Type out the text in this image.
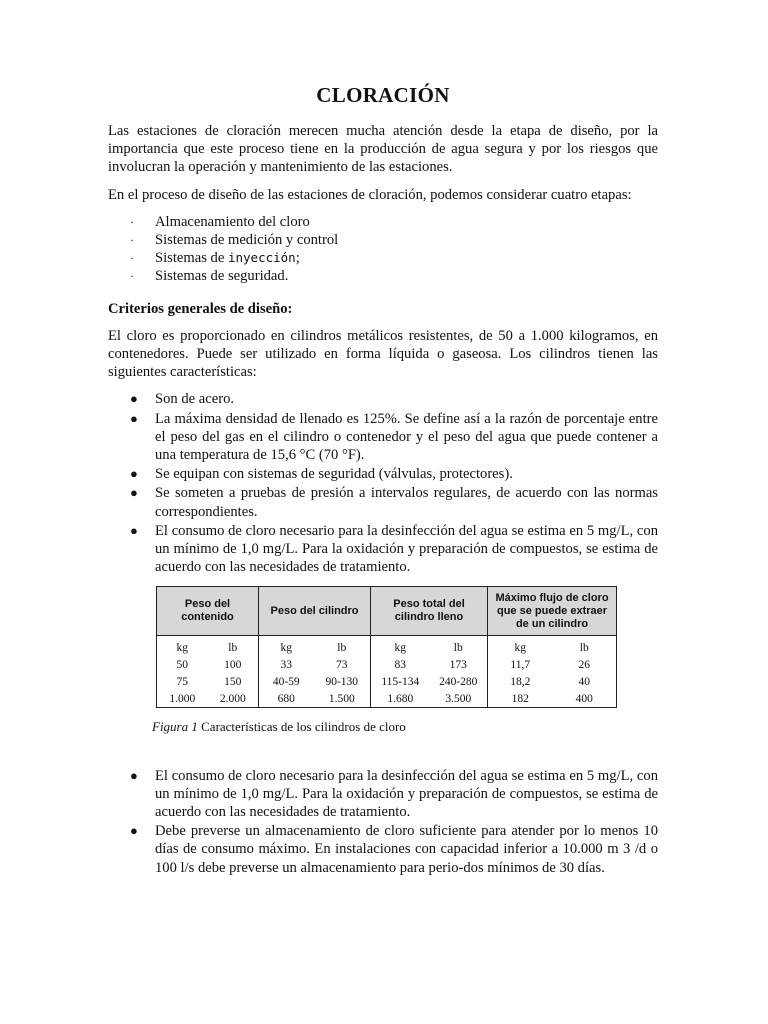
CLORACIÓN

Las estaciones de cloración merecen mucha atención desde la etapa de diseño, por la importancia que este proceso tiene en la producción de agua segura y por los riesgos que involucran la operación y mantenimiento de las estaciones.

En el proceso de diseño de las estaciones de cloración, podemos considerar cuatro etapas:

· Almacenamiento del cloro
· Sistemas de medición y control
· Sistemas de inyección;
· Sistemas de seguridad.

Criterios generales de diseño:

El cloro es proporcionado en cilindros metálicos resistentes, de 50 a 1.000 kilogramos, en contenedores. Puede ser utilizado en forma líquida o gaseosa. Los cilindros tienen las siguientes características:

● Son de acero.
● La máxima densidad de llenado es 125%. Se define así a la razón de porcentaje entre el peso del gas en el cilindro o contenedor y el peso del agua que puede contener a una temperatura de 15,6 °C (70 °F).
● Se equipan con sistemas de seguridad (válvulas, protectores).
● Se someten a pruebas de presión a intervalos regulares, de acuerdo con las normas correspondientes.
● El consumo de cloro necesario para la desinfección del agua se estima en 5 mg/L, con un mínimo de 1,0 mg/L. Para la oxidación y preparación de compuestos, se estima de acuerdo con las necesidades de tratamiento.
Peso del contenido		Peso del cilindro		Peso total del cilindro lleno		Máximo flujo de cloro que se puede extraer de un cilindro	
kg	lb	kg	lb	kg	lb	kg	lb
50	100	33	73	83	173	11,7	26
75	150	40-59	90-130	115-134	240-280	18,2	40
1.000	2.000	680	1.500	1.680	3.500	182	400
Figura 1 Características de los cilindros de cloro
● El consumo de cloro necesario para la desinfección del agua se estima en 5 mg/L, con un mínimo de 1,0 mg/L. Para la oxidación y preparación de compuestos, se estima de acuerdo con las necesidades de tratamiento.
● Debe preverse un almacenamiento de cloro suficiente para atender por lo menos 10 días de consumo máximo. En instalaciones con capacidad inferior a 10.000 m 3 /d o 100 l/s debe preverse un almacenamiento para perio-dos mínimos de 30 días.
